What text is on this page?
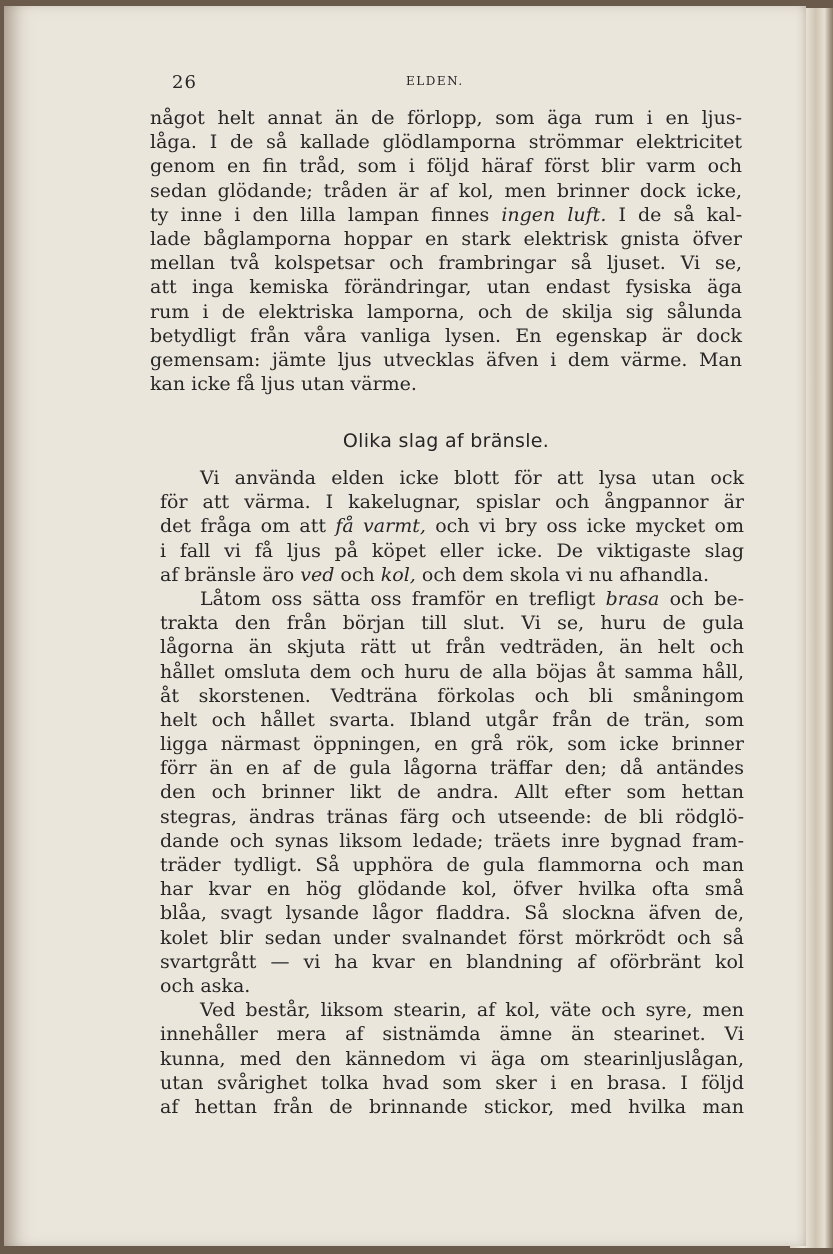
26	ELDEN.
något helt annat än de förlopp, som äga rum i en ljus-
låga. I de så kallade glödlamporna strömmar elektricitet
genom en fin tråd, som i följd häraf först blir varm och
sedan glödande; tråden är af kol, men brinner dock icke,
ty inne i den lilla lampan finnes ingen luft. I de så kal-
lade båglamporna hoppar en stark elektrisk gnista öfver
mellan två kolspetsar och frambringar så ljuset. Vi se,
att inga kemiska förändringar, utan endast fysiska äga
rum i de elektriska lamporna, och de skilja sig sålunda
betydligt från våra vanliga lysen. En egenskap är dock
gemensam: jämte ljus utvecklas äfven i dem värme. Man
kan icke få ljus utan värme.
Olika slag af bränsle.
Vi använda elden icke blott för att lysa utan ock
för att värma. I kakelugnar, spislar och ångpannor är
det fråga om att få varmt, och vi bry oss icke mycket om
i fall vi få ljus på köpet eller icke. De viktigaste slag
af bränsle äro ved och kol, och dem skola vi nu afhandla.
Låtom oss sätta oss framför en trefligt brasa och be-
trakta den från början till slut. Vi se, huru de gula
lågorna än skjuta rätt ut från vedträden, än helt och
hållet omsluta dem och huru de alla böjas åt samma håll,
åt skorstenen. Vedträna förkolas och bli småningom
helt och hållet svarta. Ibland utgår från de trän, som
ligga närmast öppningen, en grå rök, som icke brinner
förr än en af de gula lågorna träffar den; då antändes
den och brinner likt de andra. Allt efter som hettan
stegras, ändras tränas färg och utseende: de bli rödglö-
dande och synas liksom ledade; träets inre bygnad fram-
träder tydligt. Så upphöra de gula flammorna och man
har kvar en hög glödande kol, öfver hvilka ofta små
blåa, svagt lysande lågor fladdra. Så slockna äfven de,
kolet blir sedan under svalnandet först mörkrödt och så
svartgrått — vi ha kvar en blandning af oförbränt kol
och aska.
Ved består, liksom stearin, af kol, väte och syre, men
innehåller mera af sistnämda ämne än stearinet. Vi
kunna, med den kännedom vi äga om stearinljuslågan,
utan svårighet tolka hvad som sker i en brasa. I följd
af hettan från de brinnande stickor, med hvilka man
